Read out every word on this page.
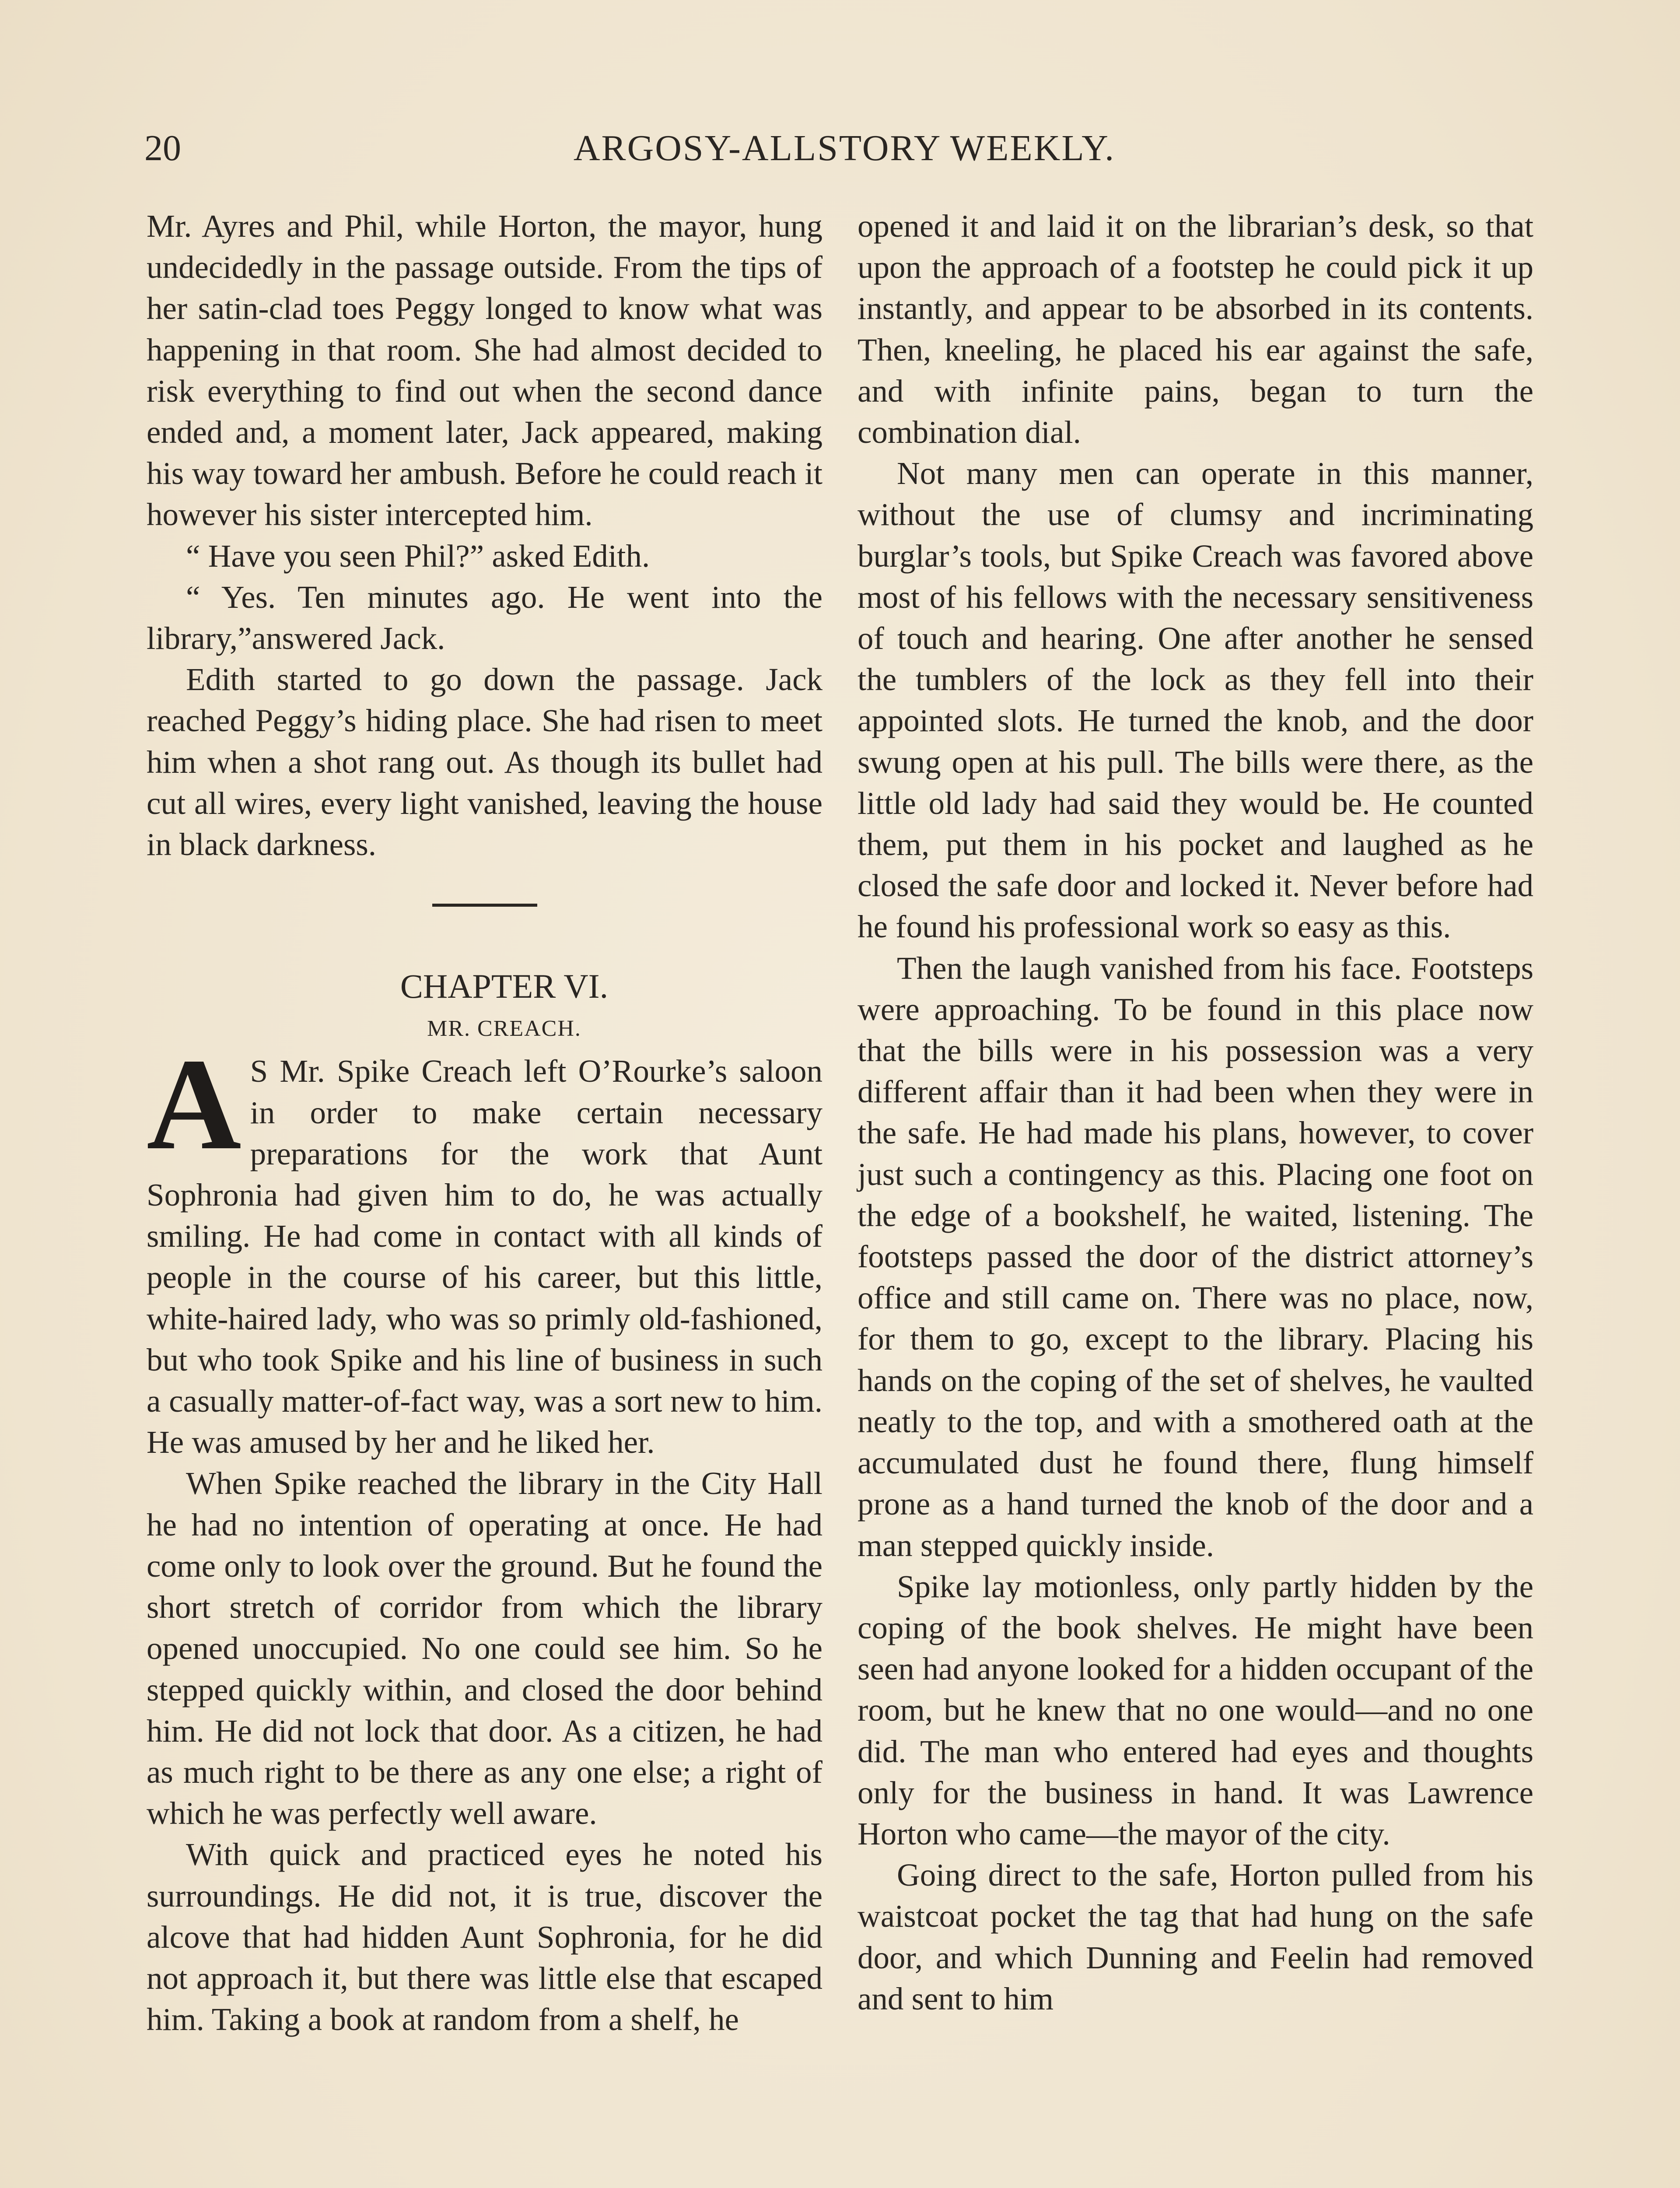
20	ARGOSY-ALLSTORY WEEKLY.

Mr. Ayres and Phil, while Horton, the mayor, hung undecidedly in the passage outside. From the tips of her satin-clad toes Peggy longed to know what was happening in that room. She had almost decided to risk everything to find out when the second dance ended and, a moment later, Jack appeared, making his way toward her ambush. Before he could reach it however his sister intercepted him.

“ Have you seen Phil?” asked Edith.

“ Yes. Ten minutes ago. He went into the library,”answered Jack.

Edith started to go down the passage. Jack reached Peggy’s hiding place. She had risen to meet him when a shot rang out. As though its bullet had cut all wires, every light vanished, leaving the house in black darkness.

CHAPTER VI.

MR. CREACH.

A S Mr. Spike Creach left O’Rourke’s saloon in order to make certain necessary preparations for the work that Aunt Sophronia had given him to do, he was actually smiling. He had come in contact with all kinds of people in the course of his career, but this little, white-haired lady, who was so primly old-fashioned, but who took Spike and his line of business in such a casually matter-of-fact way, was a sort new to him. He was amused by her and he liked her.

When Spike reached the library in the City Hall he had no intention of operating at once. He had come only to look over the ground. But he found the short stretch of corridor from which the library opened unoccupied. No one could see him. So he stepped quickly within, and closed the door behind him. He did not lock that door. As a citizen, he had as much right to be there as any one else; a right of which he was perfectly well aware.

With quick and practiced eyes he noted his surroundings. He did not, it is true, discover the alcove that had hidden Aunt Sophronia, for he did not approach it, but there was little else that escaped him. Taking a book at random from a shelf, he

opened it and laid it on the librarian’s desk, so that upon the approach of a footstep he could pick it up instantly, and appear to be absorbed in its contents. Then, kneeling, he placed his ear against the safe, and with infinite pains, began to turn the combination dial.

Not many men can operate in this manner, without the use of clumsy and incriminating burglar’s tools, but Spike Creach was favored above most of his fellows with the necessary sensitiveness of touch and hearing. One after another he sensed the tumblers of the lock as they fell into their appointed slots. He turned the knob, and the door swung open at his pull. The bills were there, as the little old lady had said they would be. He counted them, put them in his pocket and laughed as he closed the safe door and locked it. Never before had he found his professional work so easy as this.

Then the laugh vanished from his face. Footsteps were approaching. To be found in this place now that the bills were in his possession was a very different affair than it had been when they were in the safe. He had made his plans, however, to cover just such a contingency as this. Placing one foot on the edge of a bookshelf, he waited, listening. The footsteps passed the door of the district attorney’s office and still came on. There was no place, now, for them to go, except to the library. Placing his hands on the coping of the set of shelves, he vaulted neatly to the top, and with a smothered oath at the accumulated dust he found there, flung himself prone as a hand turned the knob of the door and a man stepped quickly inside.

Spike lay motionless, only partly hidden by the coping of the book shelves. He might have been seen had anyone looked for a hidden occupant of the room, but he knew that no one would—and no one did. The man who entered had eyes and thoughts only for the business in hand. It was Lawrence Horton who came—the mayor of the city.

Going direct to the safe, Horton pulled from his waistcoat pocket the tag that had hung on the safe door, and which Dunning and Feelin had removed and sent to him
